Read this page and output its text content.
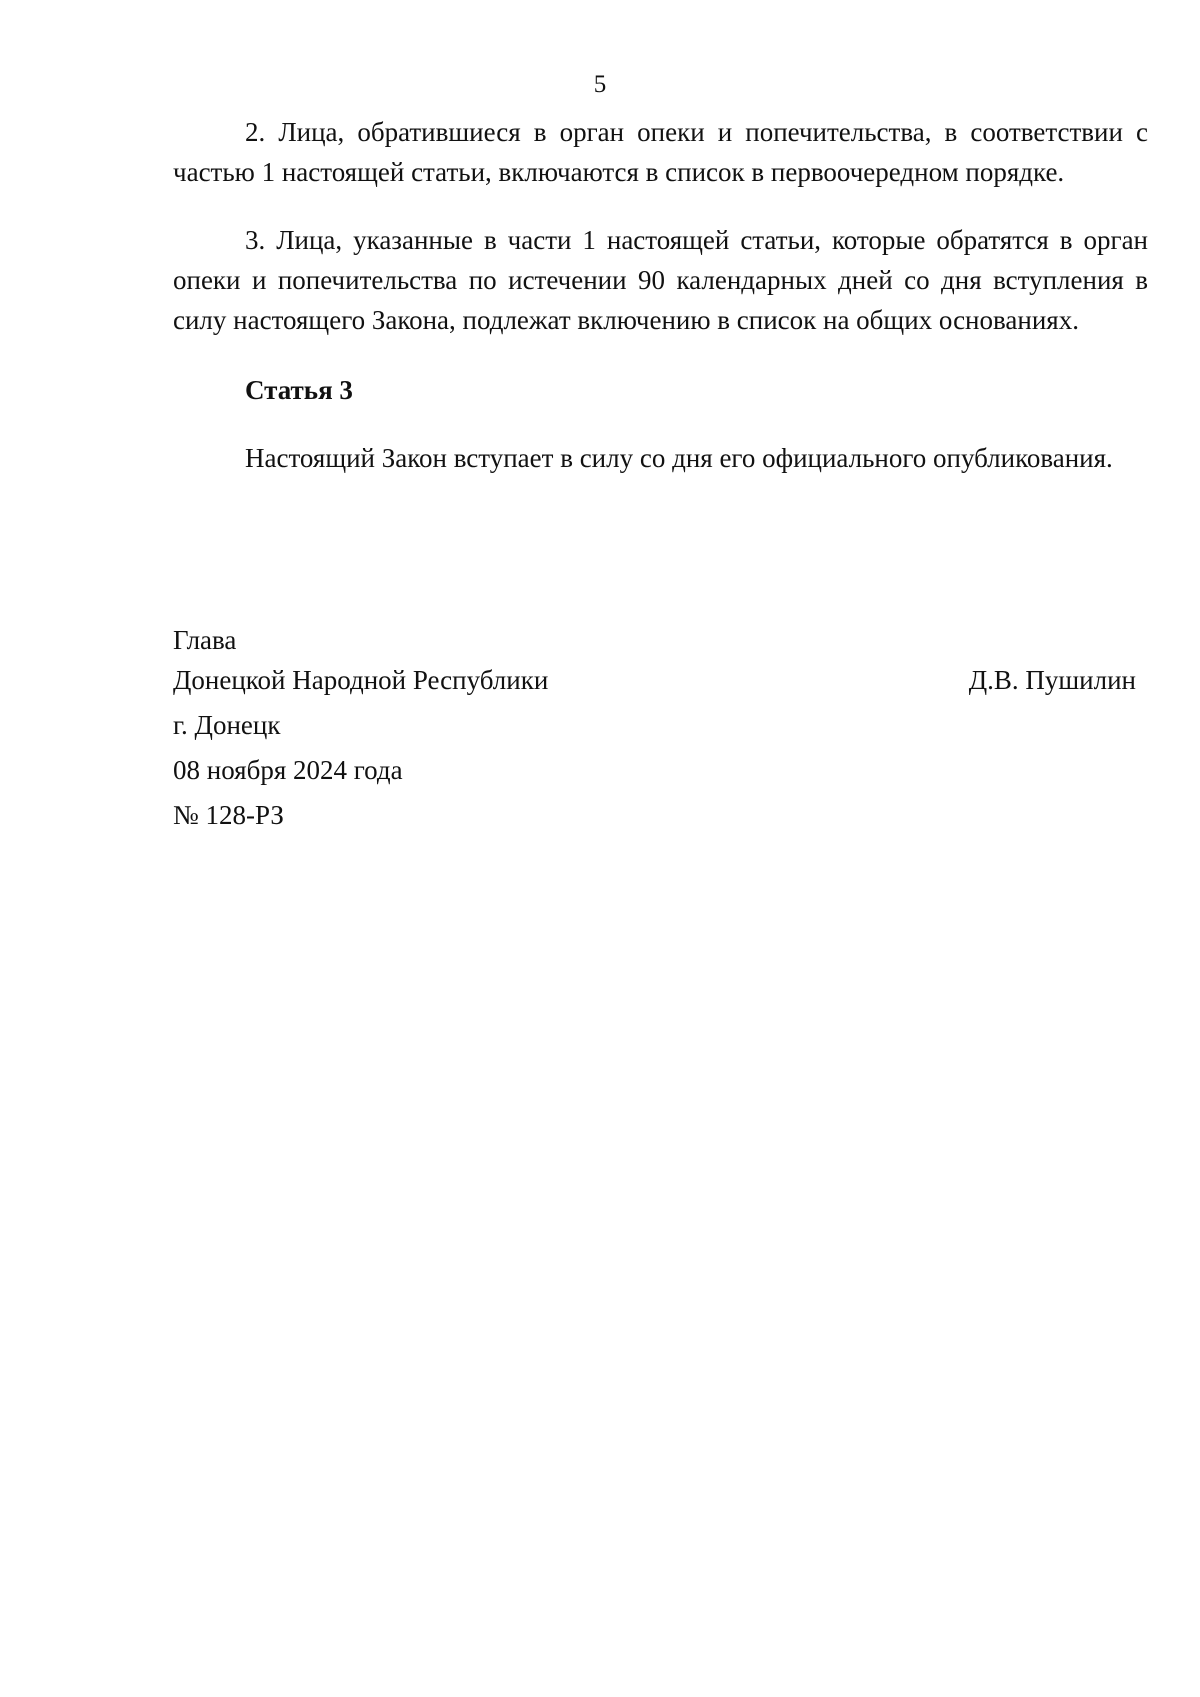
5

2. Лица, обратившиеся в орган опеки и попечительства, в соответствии с частью 1 настоящей статьи, включаются в список в первоочередном порядке.

3. Лица, указанные в части 1 настоящей статьи, которые обратятся в орган опеки и попечительства по истечении 90 календарных дней со дня вступления в силу настоящего Закона, подлежат включению в список на общих основаниях.

Статья 3

Настоящий Закон вступает в силу со дня его официального опубликования.

Глава
Донецкой Народной Республики	Д.В. Пушилин
г. Донецк
08 ноября 2024 года
№ 128-РЗ
